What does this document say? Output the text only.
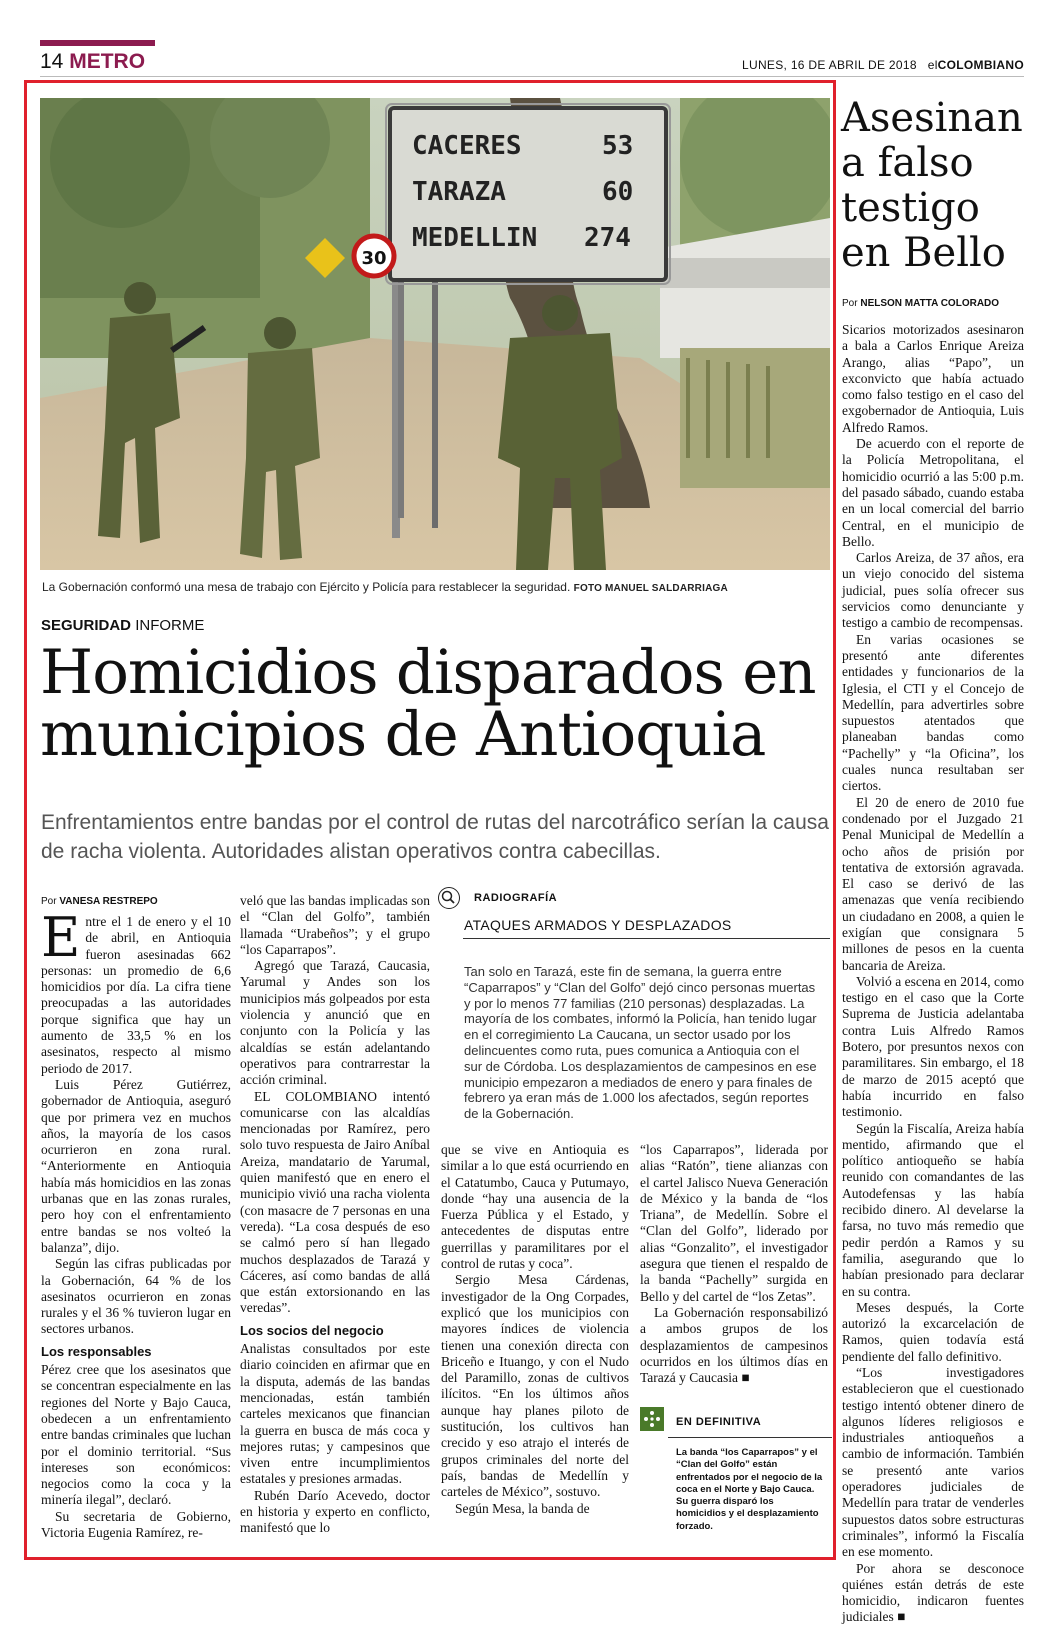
14 METRO	LUNES, 16 DE ABRIL DE 2018 elCOLOMBIANO
CACERES	53
TARAZA	60
MEDELLIN 274
30
La Gobernación conformó una mesa de trabajo con Ejército y Policía para restablecer la seguridad. FOTO MANUEL SALDARRIAGA
SEGURIDAD INFORME
Homicidios disparados en
municipios de Antioquia
Enfrentamientos entre bandas por el control de rutas del narcotráfico serían la causa de racha violenta. Autoridades alistan operativos contra cabecillas.
Por VANESA RESTREPO

Entre el 1 de enero y el 10 de abril, en Antioquia fueron asesinadas 662 personas: un promedio de 6,6 homicidios por día. La cifra tiene preocupadas a las autoridades porque significa que hay un aumento de 33,5 % en los asesinatos, respecto al mismo periodo de 2017.

Luis Pérez Gutiérrez, gobernador de Antioquia, aseguró que por primera vez en muchos años, la mayoría de los casos ocurrieron en zona rural. “Anteriormente en Antioquia había más homicidios en las zonas urbanas que en las zonas rurales, pero hoy con el enfrentamiento entre bandas se nos volteó la balanza”, dijo.

Según las cifras publicadas por la Gobernación, 64 % de los asesinatos ocurrieron en zonas rurales y el 36 % tuvieron lugar en sectores urbanos.

Los responsables

Pérez cree que los asesinatos que se concentran especialmente en las regiones del Norte y Bajo Cauca, obedecen a un enfrentamiento entre bandas criminales que luchan por el dominio territorial. “Sus intereses son económicos: negocios como la coca y la minería ilegal”, declaró.

Su secretaria de Gobierno, Victoria Eugenia Ramírez, re-

veló que las bandas implicadas son el “Clan del Golfo”, también llamada “Urabeños”; y el grupo “los Caparrapos”.

Agregó que Tarazá, Caucasia, Yarumal y Andes son los municipios más golpeados por esta violencia y anunció que en conjunto con la Policía y las alcaldías se están adelantando operativos para contrarrestar la acción criminal.

EL COLOMBIANO intentó comunicarse con las alcaldías mencionadas por Ramírez, pero solo tuvo respuesta de Jairo Aníbal Areiza, mandatario de Yarumal, quien manifestó que en enero el municipio vivió una racha violenta (con masacre de 7 personas en una vereda). “La cosa después de eso se calmó pero sí han llegado muchos desplazados de Tarazá y Cáceres, así como bandas de allá que están extorsionando en las veredas”.

Los socios del negocio

Analistas consultados por este diario coinciden en afirmar que en la disputa, además de las bandas mencionadas, están también carteles mexicanos que financian la guerra en busca de más coca y mejores rutas; y campesinos que viven entre incumplimientos estatales y presiones armadas.

Rubén Darío Acevedo, doctor en historia y experto en conflicto, manifestó que lo

RADIOGRAFÍA
ATAQUES ARMADOS Y DESPLAZADOS
Tan solo en Tarazá, este fin de semana, la guerra entre “Caparrapos” y “Clan del Golfo” dejó cinco personas muertas y por lo menos 77 familias (210 personas) desplazadas. La mayoría de los combates, informó la Policía, han tenido lugar en el corregimiento La Caucana, un sector usado por los delincuentes como ruta, pues comunica a Antioquia con el sur de Córdoba. Los desplazamientos de campesinos en ese municipio empezaron a mediados de enero y para finales de febrero ya eran más de 1.000 los afectados, según reportes de la Gobernación.

que se vive en Antioquia es similar a lo que está ocurriendo en el Catatumbo, Cauca y Putumayo, donde “hay una ausencia de la Fuerza Pública y el Estado, y antecedentes de disputas entre guerrillas y paramilitares por el control de rutas y coca”.

Sergio Mesa Cárdenas, investigador de la Ong Corpades, explicó que los municipios con mayores índices de violencia tienen una conexión directa con Briceño e Ituango, y con el Nudo del Paramillo, zonas de cultivos ilícitos. “En los últimos años aunque hay planes piloto de sustitución, los cultivos han crecido y eso atrajo el interés de grupos criminales del norte del país, bandas de Medellín y carteles de México”, sostuvo.

Según Mesa, la banda de

“los Caparrapos”, liderada por alias “Ratón”, tiene alianzas con el cartel Jalisco Nueva Generación de México y la banda de “los Triana”, de Medellín. Sobre el “Clan del Golfo”, liderado por alias “Gonzalito”, el investigador asegura que tienen el respaldo de la banda “Pachelly” surgida en Bello y del cartel de “los Zetas”.

La Gobernación responsabilizó a ambos grupos de los desplazamientos de campesinos ocurridos en los últimos días en Tarazá y Caucasia ■

EN DEFINITIVA
La banda “los Caparrapos” y el “Clan del Golfo” están enfrentados por el negocio de la coca en el Norte y Bajo Cauca. Su guerra disparó los homicidios y el desplazamiento forzado.
Asesinan a falso testigo en Bello
Por NELSON MATTA COLORADO

Sicarios motorizados asesinaron a bala a Carlos Enrique Areiza Arango, alias “Papo”, un exconvicto que había actuado como falso testigo en el caso del exgobernador de Antioquia, Luis Alfredo Ramos.

De acuerdo con el reporte de la Policía Metropolitana, el homicidio ocurrió a las 5:00 p.m. del pasado sábado, cuando estaba en un local comercial del barrio Central, en el municipio de Bello.

Carlos Areiza, de 37 años, era un viejo conocido del sistema judicial, pues solía ofrecer sus servicios como denunciante y testigo a cambio de recompensas.

En varias ocasiones se presentó ante diferentes entidades y funcionarios de la Iglesia, el CTI y el Concejo de Medellín, para advertirles sobre supuestos atentados que planeaban bandas como “Pachelly” y “la Oficina”, los cuales nunca resultaban ser ciertos.

El 20 de enero de 2010 fue condenado por el Juzgado 21 Penal Municipal de Medellín a ocho años de prisión por tentativa de extorsión agravada. El caso se derivó de las amenazas que venía recibiendo un ciudadano en 2008, a quien le exigían que consignara 5 millones de pesos en la cuenta bancaria de Areiza.

Volvió a escena en 2014, como testigo en el caso que la Corte Suprema de Justicia adelantaba contra Luis Alfredo Ramos Botero, por presuntos nexos con paramilitares. Sin embargo, el 18 de marzo de 2015 aceptó que había incurrido en falso testimonio.

Según la Fiscalía, Areiza había mentido, afirmando que el político antioqueño se había reunido con comandantes de las Autodefensas y las había recibido dinero. Al develarse la farsa, no tuvo más remedio que pedir perdón a Ramos y su familia, asegurando que lo habían presionado para declarar en su contra.

Meses después, la Corte autorizó la excarcelación de Ramos, quien todavía está pendiente del fallo definitivo.

“Los investigadores establecieron que el cuestionado testigo intentó obtener dinero de algunos líderes religiosos e industriales antioqueños a cambio de información. También se presentó ante varios operadores judiciales de Medellín para tratar de venderles supuestos datos sobre estructuras criminales”, informó la Fiscalía en ese momento.

Por ahora se desconoce quiénes están detrás de este homicidio, indicaron fuentes judiciales ■
